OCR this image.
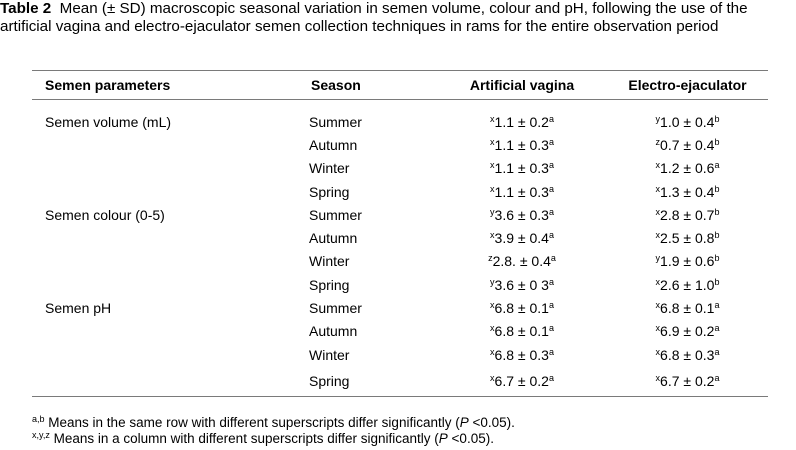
Table 2 Mean (± SD) macroscopic seasonal variation in semen volume, colour and pH, following the use of the artificial vagina and electro-ejaculator semen collection techniques in rams for the entire observation period
Semen parameters	Season	Artificial vagina	Electro-ejaculator

Semen volume (mL)	Summer	$^x$1.1 ± 0.2$^a$	$^y$1.0 ± 0.4$^b$
	Autumn	$^x$1.1 ± 0.3$^a$	$^z$0.7 ± 0.4$^b$
	Winter	$^x$1.1 ± 0.3$^a$	$^x$1.2 ± 0.6$^a$
	Spring	$^x$1.1 ± 0.3$^a$	$^x$1.3 ± 0.4$^b$
Semen colour (0-5)	Summer	$^y$3.6 ± 0.3$^a$	$^x$2.8 ± 0.7$^b$
	Autumn	$^x$3.9 ± 0.4$^a$	$^x$2.5 ± 0.8$^b$
	Winter	$^z$2.8. ± 0.4$^a$	$^y$1.9 ± 0.6$^b$
	Spring	$^y$3.6 ± 0 3$^a$	$^x$2.6 ± 1.0$^b$
Semen pH	Summer	$^x$6.8 ± 0.1$^a$	$^x$6.8 ± 0.1$^a$
	Autumn	$^x$6.8 ± 0.1$^a$	$^x$6.9 ± 0.2$^a$
	Winter	$^x$6.8 ± 0.3$^a$	$^x$6.8 ± 0.3$^a$
	Spring	$^x$6.7 ± 0.2$^a$	$^x$6.7 ± 0.2$^a$
$^{a,b}$ Means in the same row with different superscripts differ significantly (P <0.05).
$^{x,y,z}$ Means in a column with different superscripts differ significantly (P <0.05).
